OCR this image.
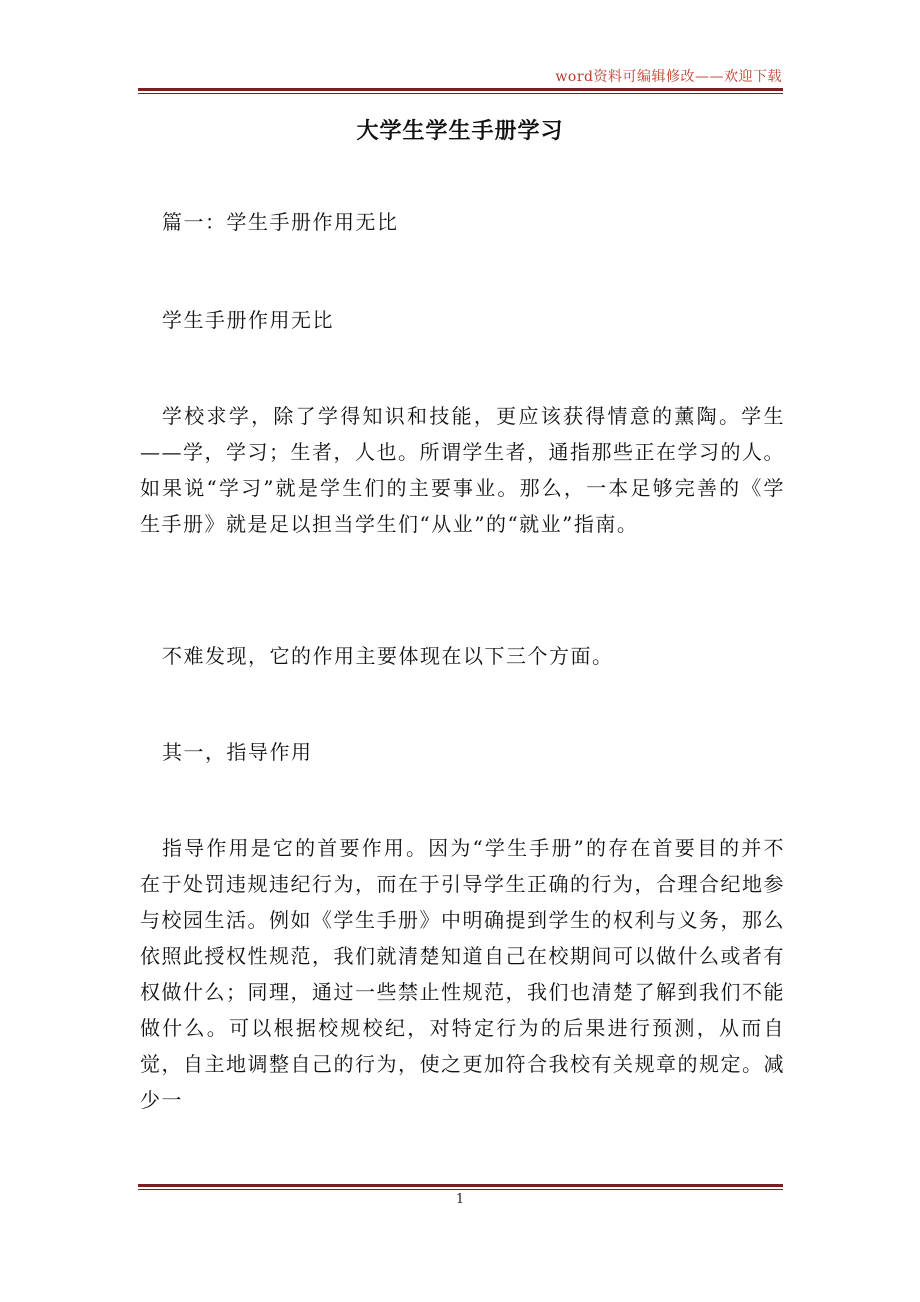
word资料可编辑修改——欢迎下载
大学生学生手册学习

篇一：学生手册作用无比

学生手册作用无比

学校求学，除了学得知识和技能，更应该获得情意的薰陶。学生——学，学习；生者，人也。所谓学生者，通指那些正在学习的人。如果说“学习”就是学生们的主要事业。那么，一本足够完善的《学生手册》就是足以担当学生们“从业”的“就业”指南。

不难发现，它的作用主要体现在以下三个方面。

其一，指导作用

指导作用是它的首要作用。因为“学生手册”的存在首要目的并不在于处罚违规违纪行为，而在于引导学生正确的行为，合理合纪地参与校园生活。例如《学生手册》中明确提到学生的权利与义务，那么依照此授权性规范，我们就清楚知道自己在校期间可以做什么或者有权做什么；同理，通过一些禁止性规范，我们也清楚了解到我们不能做什么。可以根据校规校纪，对特定行为的后果进行预测，从而自觉，自主地调整自己的行为，使之更加符合我校有关规章的规定。减少一

1
